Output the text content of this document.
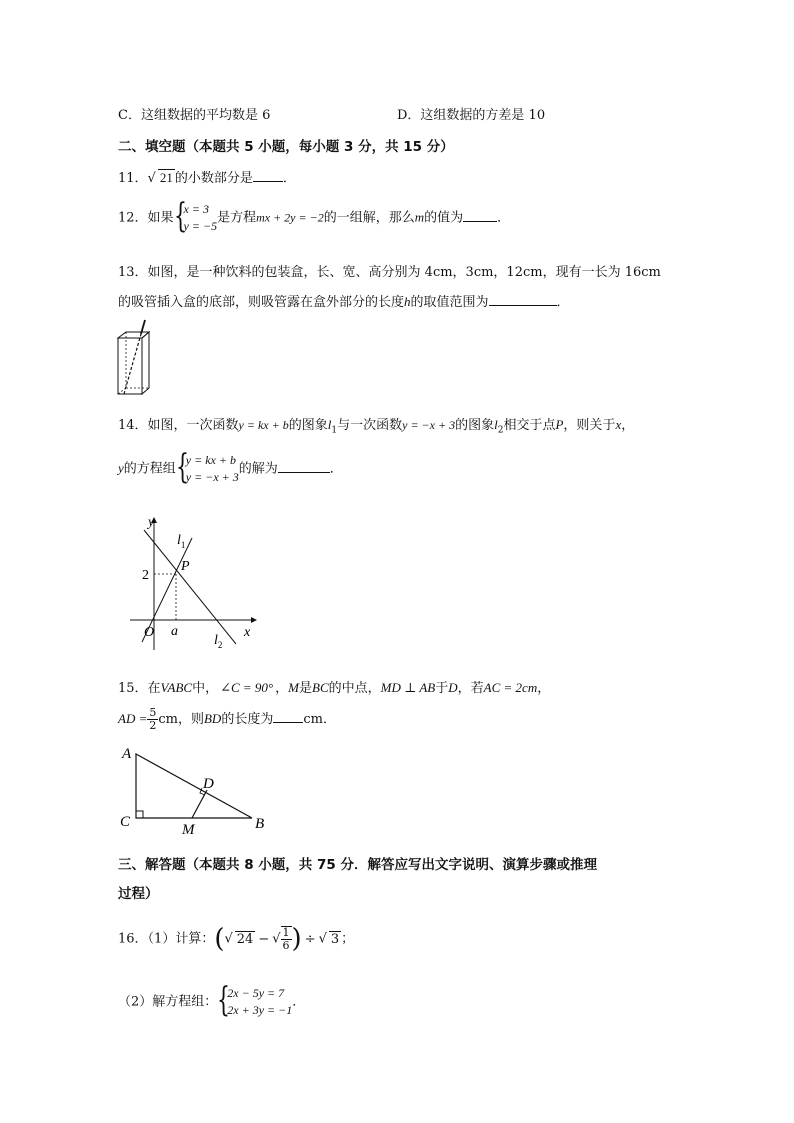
C．这组数据的平均数是 6	D．这组数据的方差是 10
二、填空题（本题共 5 小题，每小题 3 分，共 15 分）
11．√ 21 的小数部分是 ．
12．如果 {
x = 3
y = −5
是方程mx + 2y = −2的一组解，那么m的值为	．
13．如图，是一种饮料的包装盒，长、宽、高分别为 4cm，3cm，12cm，现有一长为 16cm
的吸管插入盒的底部，则吸管露在盒外部分的长度h的取值范围为	．
14．如图，一次函数y = kx + b的图象$l_1$与一次函数y = −x + 3的图象$l_2$相交于点P，则关于x，
y的方程组 {
y = kx + b
y = −x + 3
的解为	．
y
x
O
2
a
P
$l_1$
$l_2$
15．在VABC中， ∠C = 90° ，M是BC的中点，MD ⊥ AB于D，若AC = 2cm，
AD = $\frac{5}{2}$ cm，则BD的长度为 cm．
A
C	B
D
M
三、解答题（本题共 8 小题，共 75 分．解答应写出文字说明、演算步骤或推理
过程）
16．（1）计算：(√ 24 − √ $\frac{1}{6}$ ) ÷ √ 3 ；
（2）解方程组： {
2x − 5y = 7
2x + 3y = −1
．
